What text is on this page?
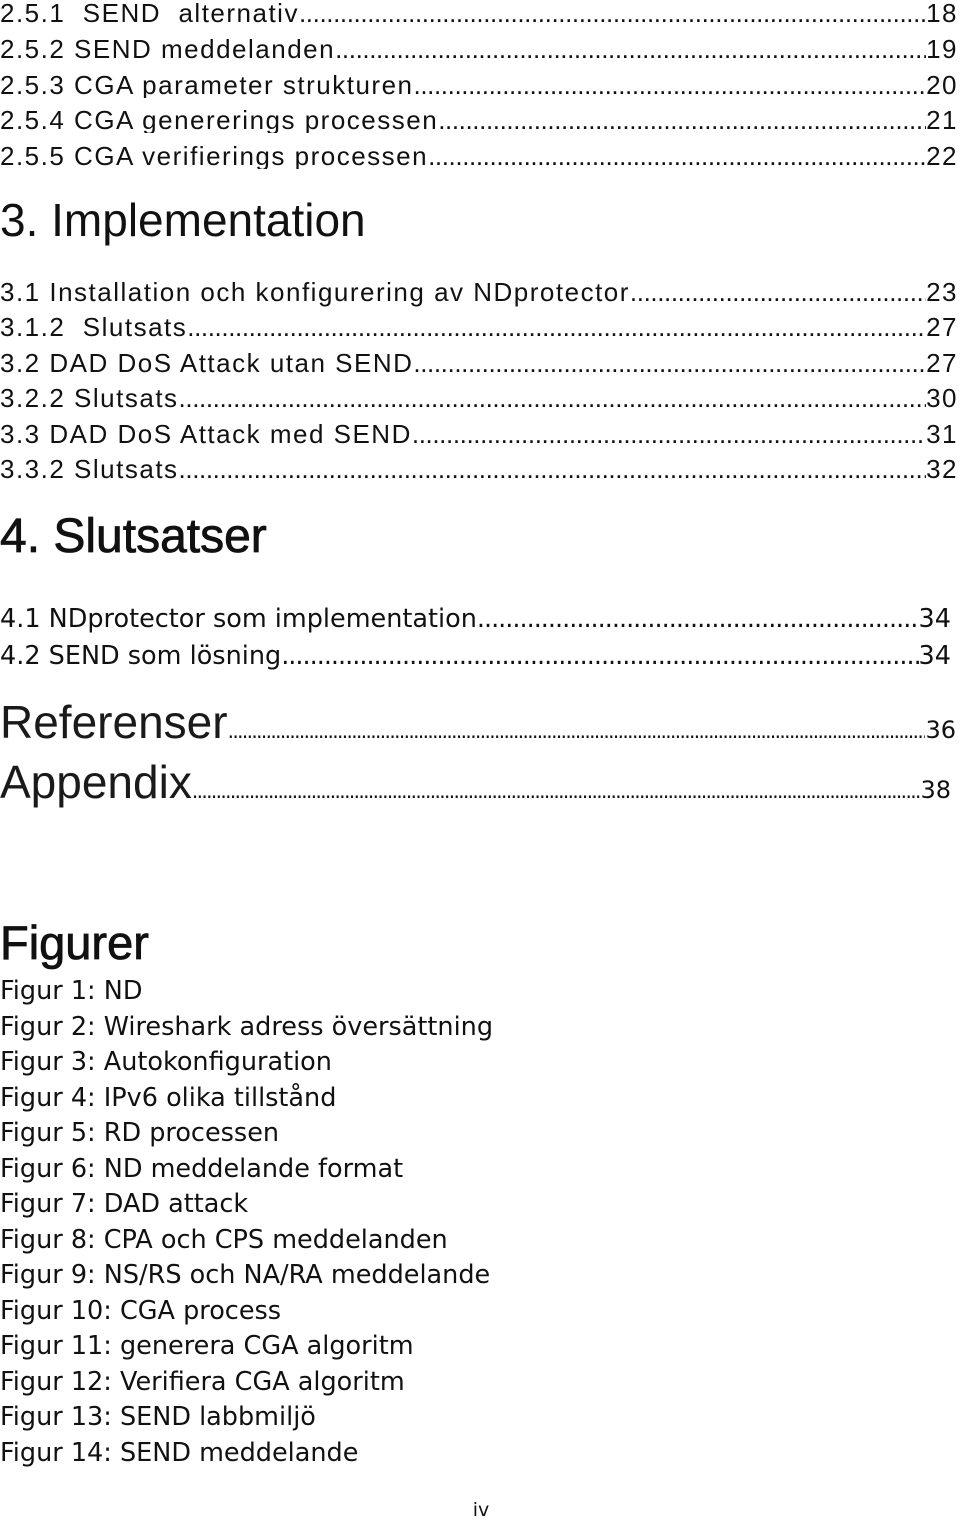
2.5.1  SEND  alternativ .....	18
2.5.2 SEND meddelanden .....	19
2.5.3 CGA parameter strukturen .....	20
2.5.4 CGA genererings processen .....	21
2.5.5 CGA verifierings processen .....	22
3. Implementation
3.1 Installation och konfigurering av NDprotector .....	23
3.1.2  Slutsats .....	27
3.2 DAD DoS Attack utan SEND .....	27
3.2.2 Slutsats .....	30
3.3 DAD DoS Attack med SEND .....	31
3.3.2 Slutsats .....	32
4. Slutsatser
4.1 NDprotector som implementation .....	34
4.2 SEND som lösning .....	34
Referenser .....	36
Appendix .....	38
Figurer
Figur 1: ND
Figur 2: Wireshark adress översättning
Figur 3: Autokonfiguration
Figur 4: IPv6 olika tillstånd
Figur 5: RD processen
Figur 6: ND meddelande format
Figur 7: DAD attack
Figur 8: CPA och CPS meddelanden
Figur 9: NS/RS och NA/RA meddelande
Figur 10: CGA process
Figur 11: generera CGA algoritm
Figur 12: Verifiera CGA algoritm
Figur 13: SEND labbmiljö
Figur 14: SEND meddelande
iv
